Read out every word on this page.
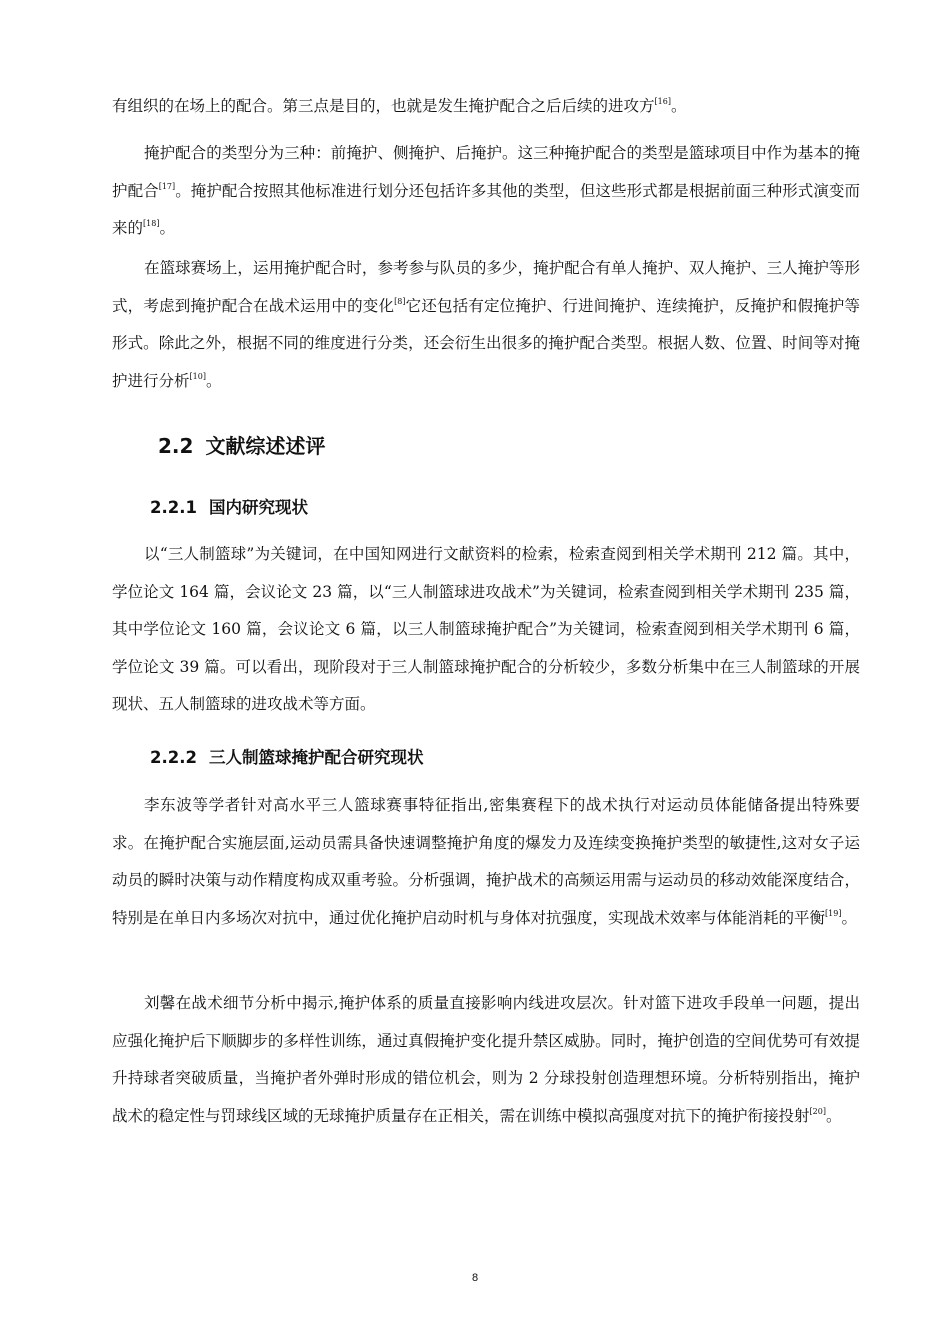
有组织的在场上的配合。第三点是目的，也就是发生掩护配合之后后续的进攻方[16]。

掩护配合的类型分为三种：前掩护、侧掩护、后掩护。这三种掩护配合的类型是篮球项目中作为基本的掩护配合[17]。掩护配合按照其他标准进行划分还包括许多其他的类型，但这些形式都是根据前面三种形式演变而来的[18]。

在篮球赛场上，运用掩护配合时，参考参与队员的多少，掩护配合有单人掩护、双人掩护、三人掩护等形式，考虑到掩护配合在战术运用中的变化[8]它还包括有定位掩护、行进间掩护、连续掩护，反掩护和假掩护等形式。除此之外，根据不同的维度进行分类，还会衍生出很多的掩护配合类型。根据人数、位置、时间等对掩护进行分析[10]。

2.2 文献综述述评
2.2.1 国内研究现状

以“三人制篮球”为关键词，在中国知网进行文献资料的检索，检索查阅到相关学术期刊 212 篇。其中，学位论文 164 篇，会议论文 23 篇，以“三人制篮球进攻战术”为关键词，检索查阅到相关学术期刊 235 篇，其中学位论文 160 篇，会议论文 6 篇，以三人制篮球掩护配合”为关键词，检索查阅到相关学术期刊 6 篇，学位论文 39 篇。可以看出，现阶段对于三人制篮球掩护配合的分析较少，多数分析集中在三人制篮球的开展现状、五人制篮球的进攻战术等方面。

2.2.2 三人制篮球掩护配合研究现状

李东波等学者针对高水平三人篮球赛事特征指出,密集赛程下的战术执行对运动员体能储备提出特殊要求。在掩护配合实施层面,运动员需具备快速调整掩护角度的爆发力及连续变换掩护类型的敏捷性,这对女子运动员的瞬时决策与动作精度构成双重考验。分析强调，掩护战术的高频运用需与运动员的移动效能深度结合，特别是在单日内多场次对抗中，通过优化掩护启动时机与身体对抗强度，实现战术效率与体能消耗的平衡[19]。

刘馨在战术细节分析中揭示,掩护体系的质量直接影响内线进攻层次。针对篮下进攻手段单一问题，提出应强化掩护后下顺脚步的多样性训练，通过真假掩护变化提升禁区威胁。同时，掩护创造的空间优势可有效提升持球者突破质量，当掩护者外弹时形成的错位机会，则为 2 分球投射创造理想环境。分析特别指出，掩护战术的稳定性与罚球线区域的无球掩护质量存在正相关，需在训练中模拟高强度对抗下的掩护衔接投射[20]。

8
